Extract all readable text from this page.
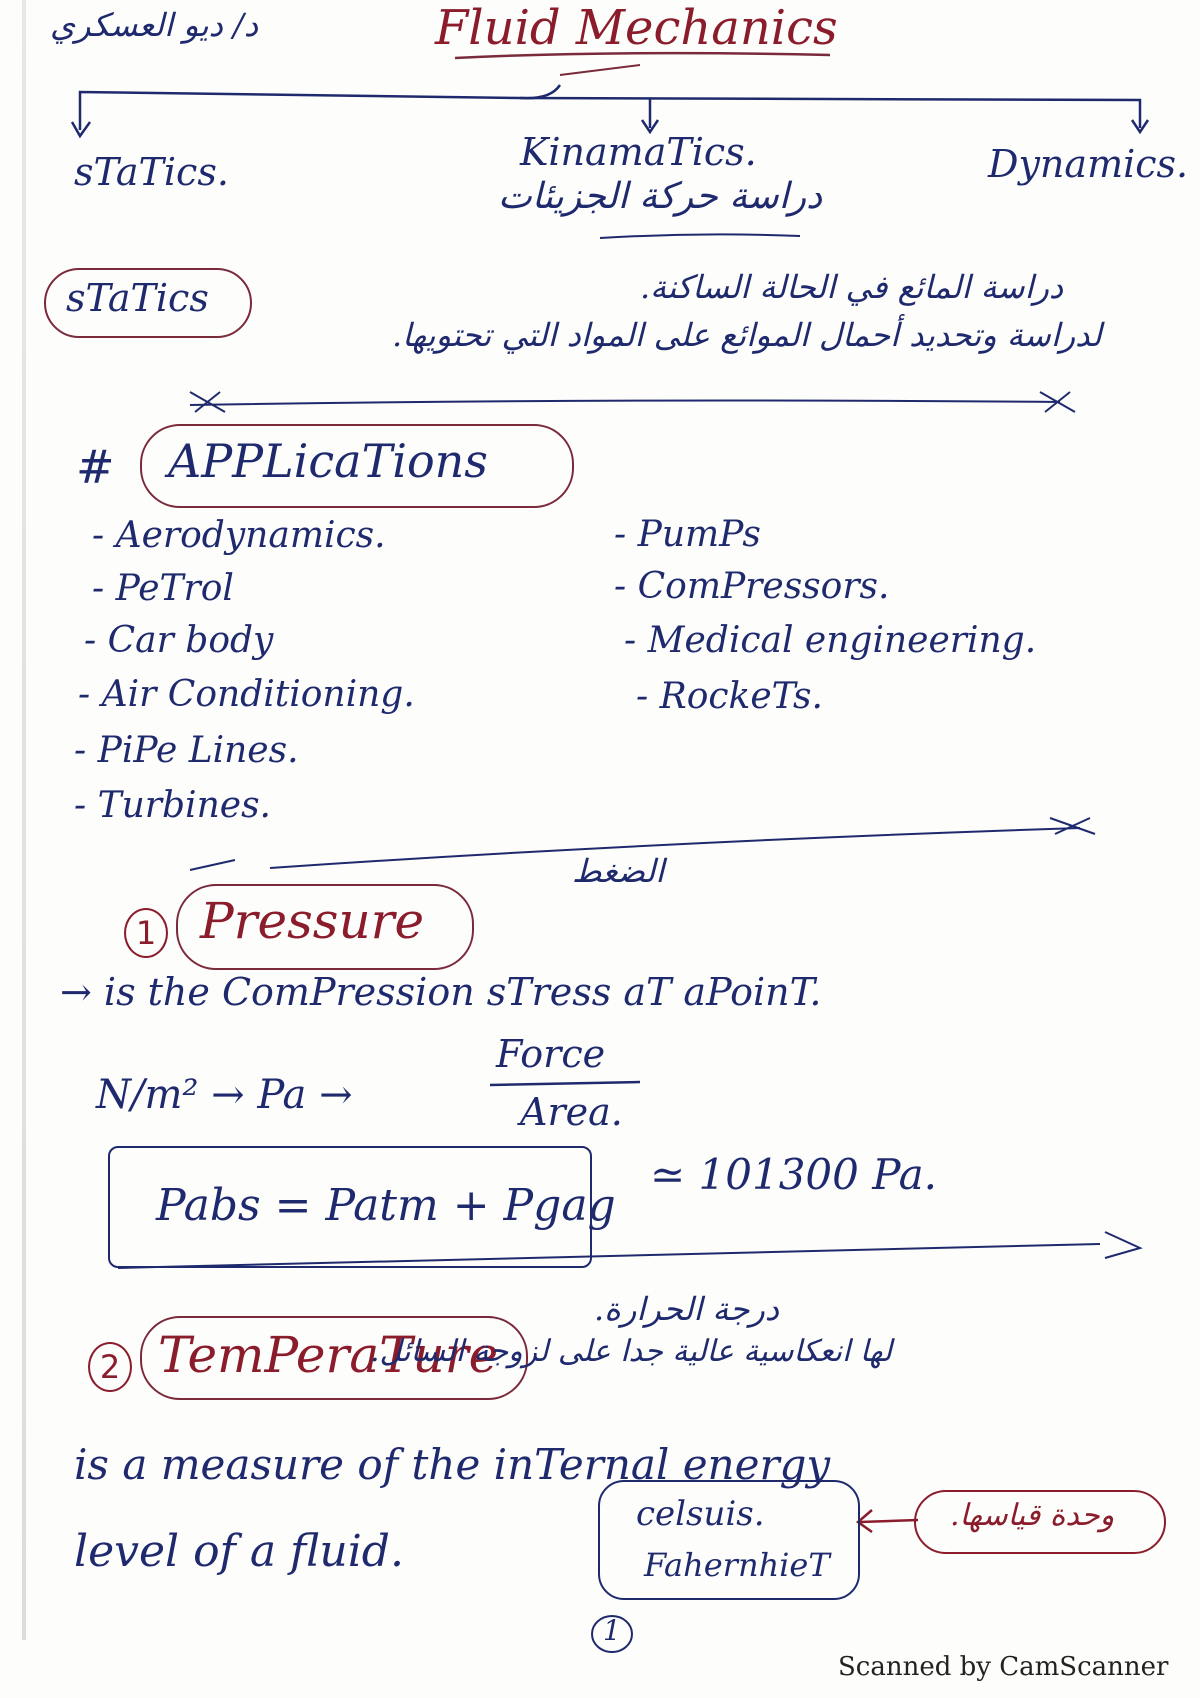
د/ ديو العسكري	Fluid Mechanics
sTaTics.	KinamaTics.
دراسة حركة الجزيئات
Dynamics.
sTaTics	دراسة المائع في الحالة الساكنة.
لدراسة وتحديد أحمال الموائع على المواد التي تحتويها.
# APPLicaTions
- Aerodynamics.
- PeTrol
- Car body
- Air Conditioning.
- PiPe Lines.
- Turbines.
- PumPs
- ComPressors.
- Medical engineering.
- RockeTs.
1 Pressure
الضغط
→ is the ComPression sTress aT aPoinT.
N/m² → Pa →
Force
Area.
Pabs = Patm + Pgag
≃ 101300 Pa.
2 TemPeraTure
درجة الحرارة.
لها انعكاسية عالية جدا على لزوجة السائل.
is a measure of the inTernal energy
level of a fluid.
celsuis.
FahernhieT
وحدة قياسها.
1
Scanned by CamScanner
